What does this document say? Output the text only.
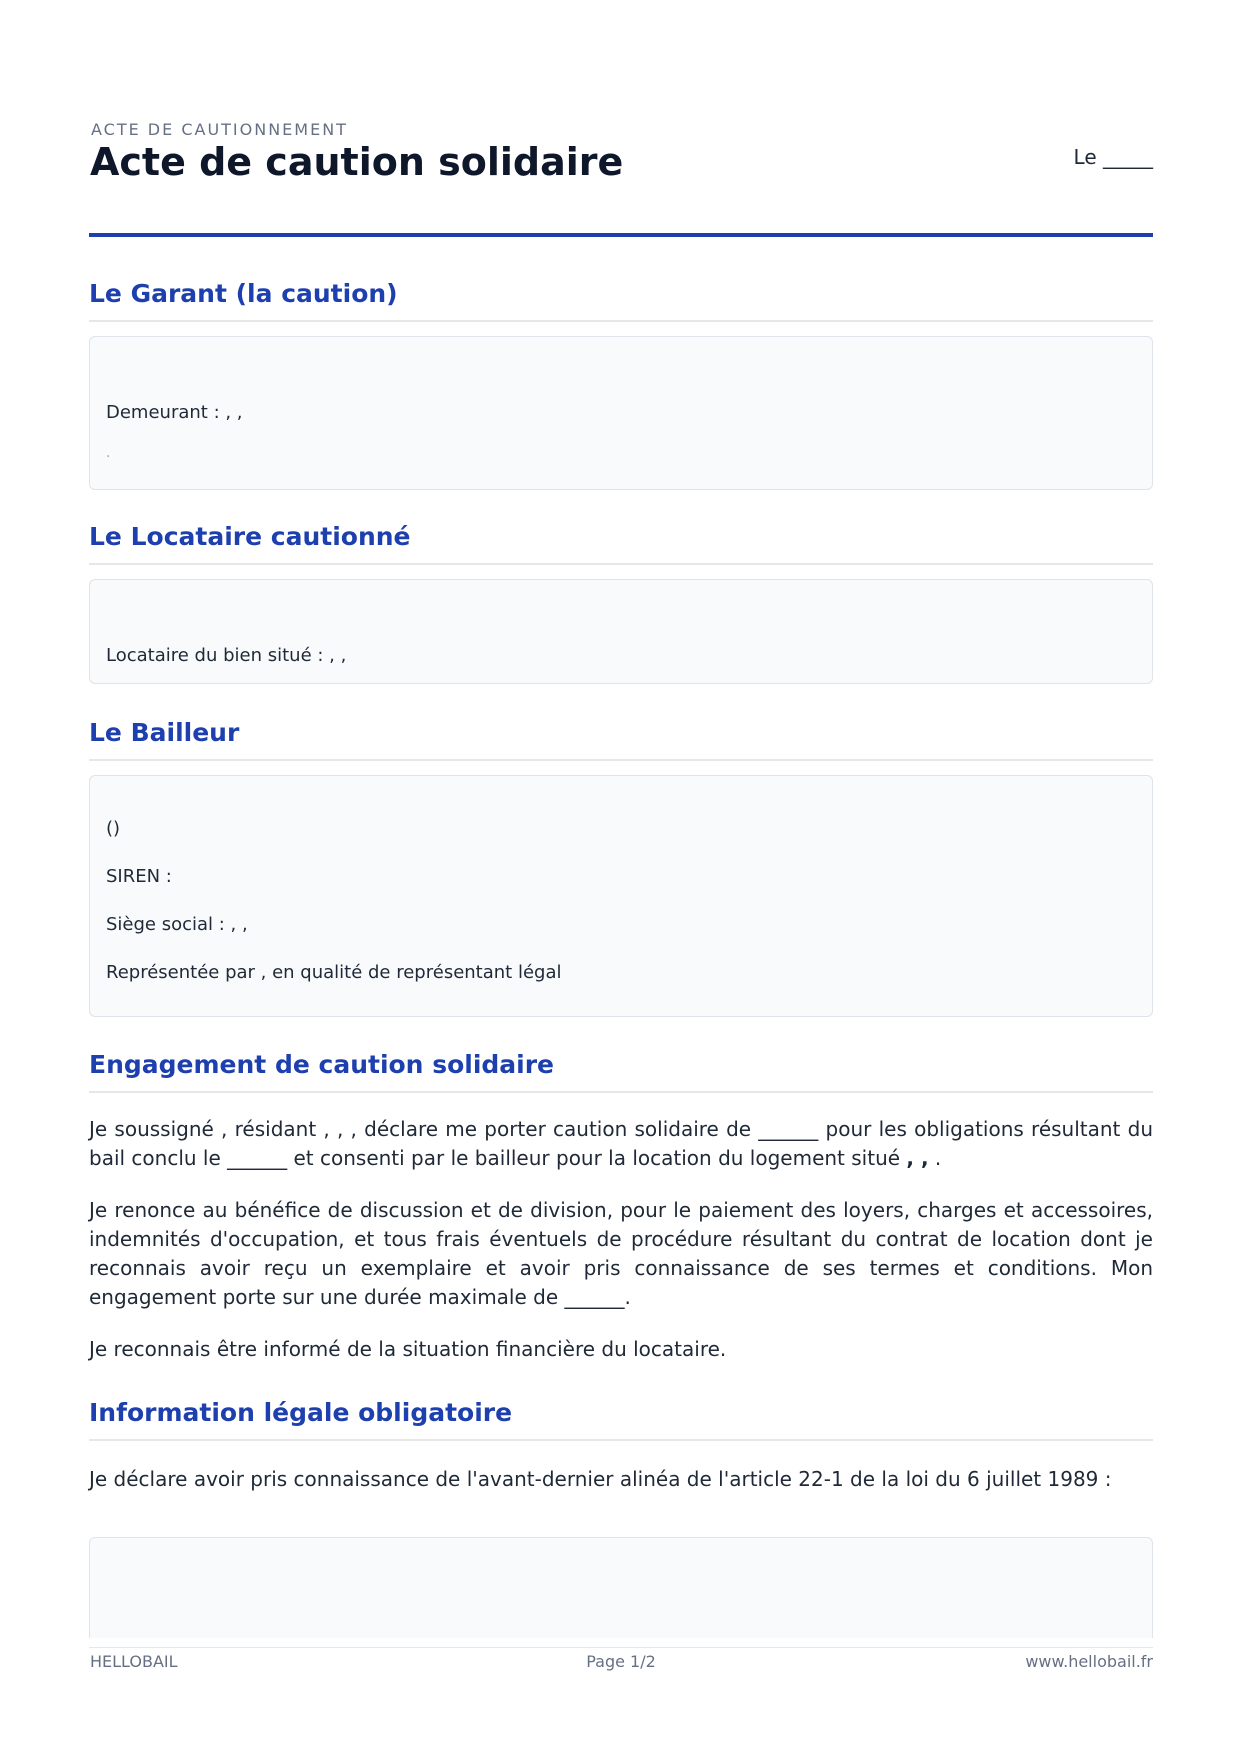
ACTE DE CAUTIONNEMENT
Acte de caution solidaire	Le _____
Le Garant (la caution)
Demeurant : , ,
.
Le Locataire cautionné
Locataire du bien situé : , ,
Le Bailleur
()
SIREN :
Siège social : , ,
Représentée par , en qualité de représentant légal
Engagement de caution solidaire

Je soussigné , résidant , , , déclare me porter caution solidaire de ______ pour les obligations résultant du bail conclu le ______ et consenti par le bailleur pour la location du logement situé , , .

Je renonce au bénéfice de discussion et de division, pour le paiement des loyers, charges et accessoires, indemnités d'occupation, et tous frais éventuels de procédure résultant du contrat de location dont je reconnais avoir reçu un exemplaire et avoir pris connaissance de ses termes et conditions. Mon engagement porte sur une durée maximale de ______.

Je reconnais être informé de la situation financière du locataire.

Information légale obligatoire

Je déclare avoir pris connaissance de l'avant-dernier alinéa de l'article 22-1 de la loi du 6 juillet 1989 :

HELLOBAIL	Page 1/2	www.hellobail.fr
